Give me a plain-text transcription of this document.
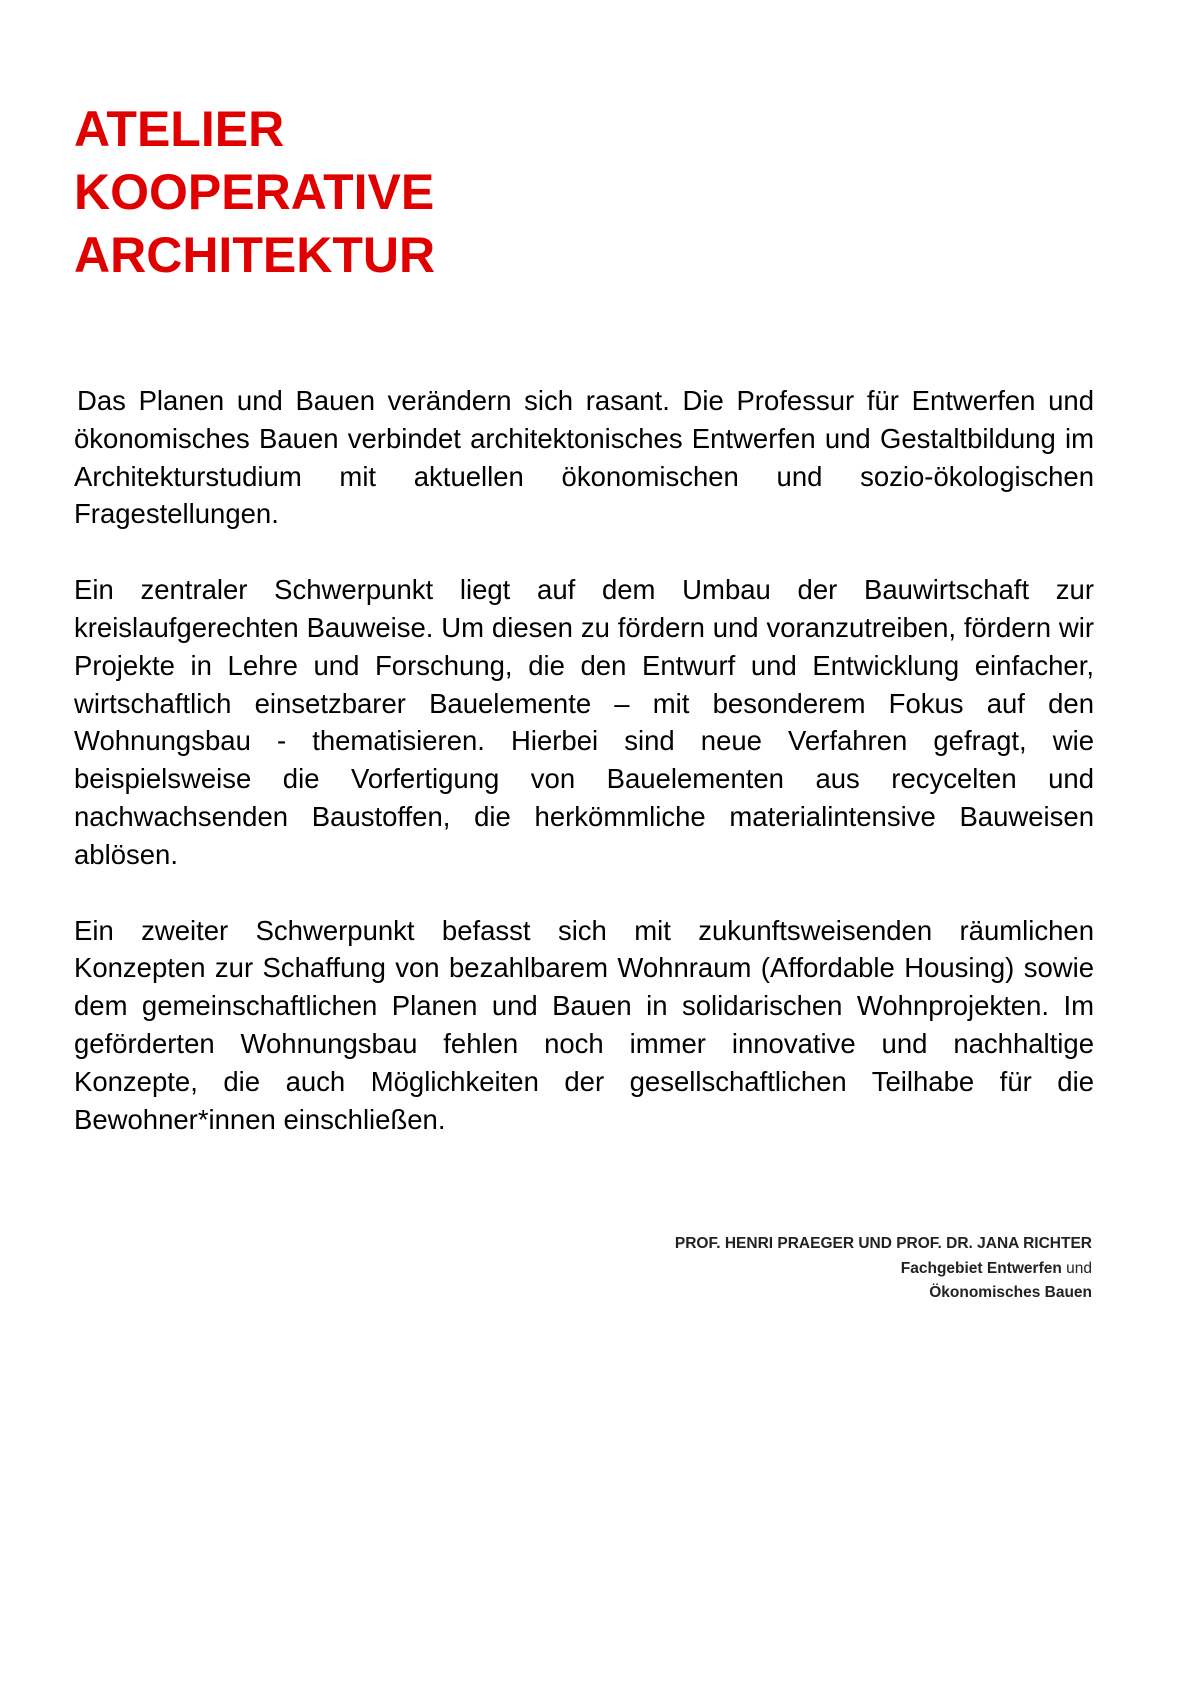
ATELIER
KOOPERATIVE
ARCHITEKTUR

Das Planen und Bauen verändern sich rasant. Die Professur für Entwerfen und ökonomisches Bauen verbindet architektonisches Entwerfen und Gestaltbildung im Architekturstudium mit aktuellen ökonomischen und sozio-ökologischen Fragestellungen.

Ein zentraler Schwerpunkt liegt auf dem Umbau der Bauwirtschaft zur kreislaufgerechten Bauweise. Um diesen zu fördern und voranzutreiben, fördern wir Projekte in Lehre und Forschung, die den Entwurf und Entwicklung einfacher, wirtschaftlich einsetzbarer Bauelemente – mit besonderem Fokus auf den Wohnungsbau - thematisieren. Hierbei sind neue Verfahren gefragt, wie beispielsweise die Vorfertigung von Bauelementen aus recycelten und nachwachsenden Baustoffen, die herkömmliche materialintensive Bauweisen ablösen.

Ein zweiter Schwerpunkt befasst sich mit zukunftsweisenden räumlichen Konzepten zur Schaffung von bezahlbarem Wohnraum (Affordable Housing) sowie dem gemeinschaftlichen Planen und Bauen in solidarischen Wohnprojekten. Im geförderten Wohnungsbau fehlen noch immer innovative und nachhaltige Konzepte, die auch Möglichkeiten der gesellschaftlichen Teilhabe für die Bewohner*innen einschließen.

PROF. HENRI PRAEGER UND PROF. DR. JANA RICHTER
Fachgebiet Entwerfen und
Ökonomisches Bauen
